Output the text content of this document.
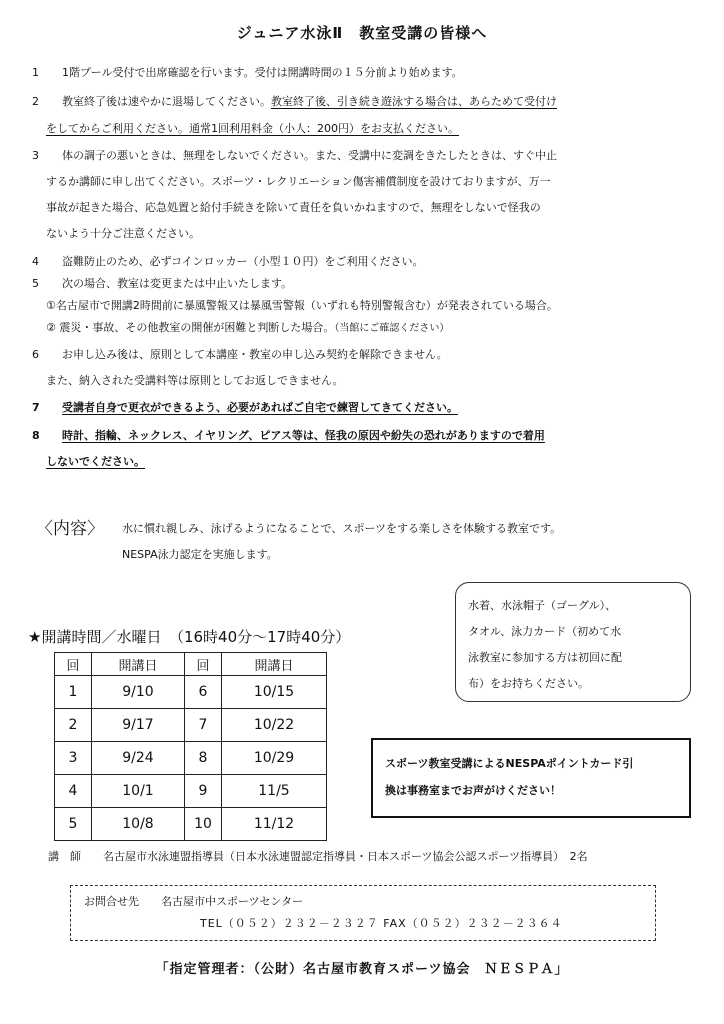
ジュニア水泳Ⅱ　教室受講の皆様へ
1 1階プール受付で出席確認を行います。受付は開講時間の１５分前より始めます。
2 教室終了後は速やかに退場してください。教室終了後、引き続き遊泳する場合は、あらためて受付け
をしてからご利用ください。通常1回利用料金（小人：200円）をお支払ください。
3 体の調子の悪いときは、無理をしないでください。また、受講中に変調をきたしたときは、すぐ中止
するか講師に申し出てください。スポーツ・レクリエーション傷害補償制度を設けておりますが、万一
事故が起きた場合、応急処置と給付手続きを除いて責任を負いかねますので、無理をしないで怪我の
ないよう十分ご注意ください。
4 盗難防止のため、必ずコインロッカー（小型１０円）をご利用ください。
5 次の場合、教室は変更または中止いたします。
①名古屋市で開講2時間前に暴風警報又は暴風雪警報（いずれも特別警報含む）が発表されている場合。
② 震災・事故、その他教室の開催が困難と判断した場合。（当館にご確認ください）
6 お申し込み後は、原則として本講座・教室の申し込み契約を解除できません。
また、納入された受講料等は原則としてお返しできません。
7 受講者自身で更衣ができるよう、必要があればご自宅で練習してきてください。
8 時計、指輪、ネックレス、イヤリング、ピアス等は、怪我の原因や紛失の恐れがありますので着用
しないでください。
〈内容〉 水に慣れ親しみ、泳げるようになることで、スポーツをする楽しさを体験する教室です。
NESPA泳力認定を実施します。
水着、水泳帽子（ゴーグル）、
タオル、泳力カード（初めて水
泳教室に参加する方は初回に配
布）をお持ちください。
★開講時間／水曜日　（16時40分～17時40分）
回	開講日	回	開講日
1	9/10	6	10/15
2	9/17	7	10/22
3	9/24	8	10/29
4	10/1	9	11/5
5	10/8	10	11/12
スポーツ教室受講によるNESPAポイントカード引
換は事務室までお声がけください！
講　師　　 名古屋市水泳連盟指導員（日本水泳連盟認定指導員・日本スポーツ協会公認スポーツ指導員）　2名
お問合せ先　　 名古屋市中スポーツセンター
TEL（０５２）２３２－２３２７ FAX（０５２）２３２－２３６４
「指定管理者：（公財）名古屋市教育スポーツ協会　ＮＥＳＰＡ」
